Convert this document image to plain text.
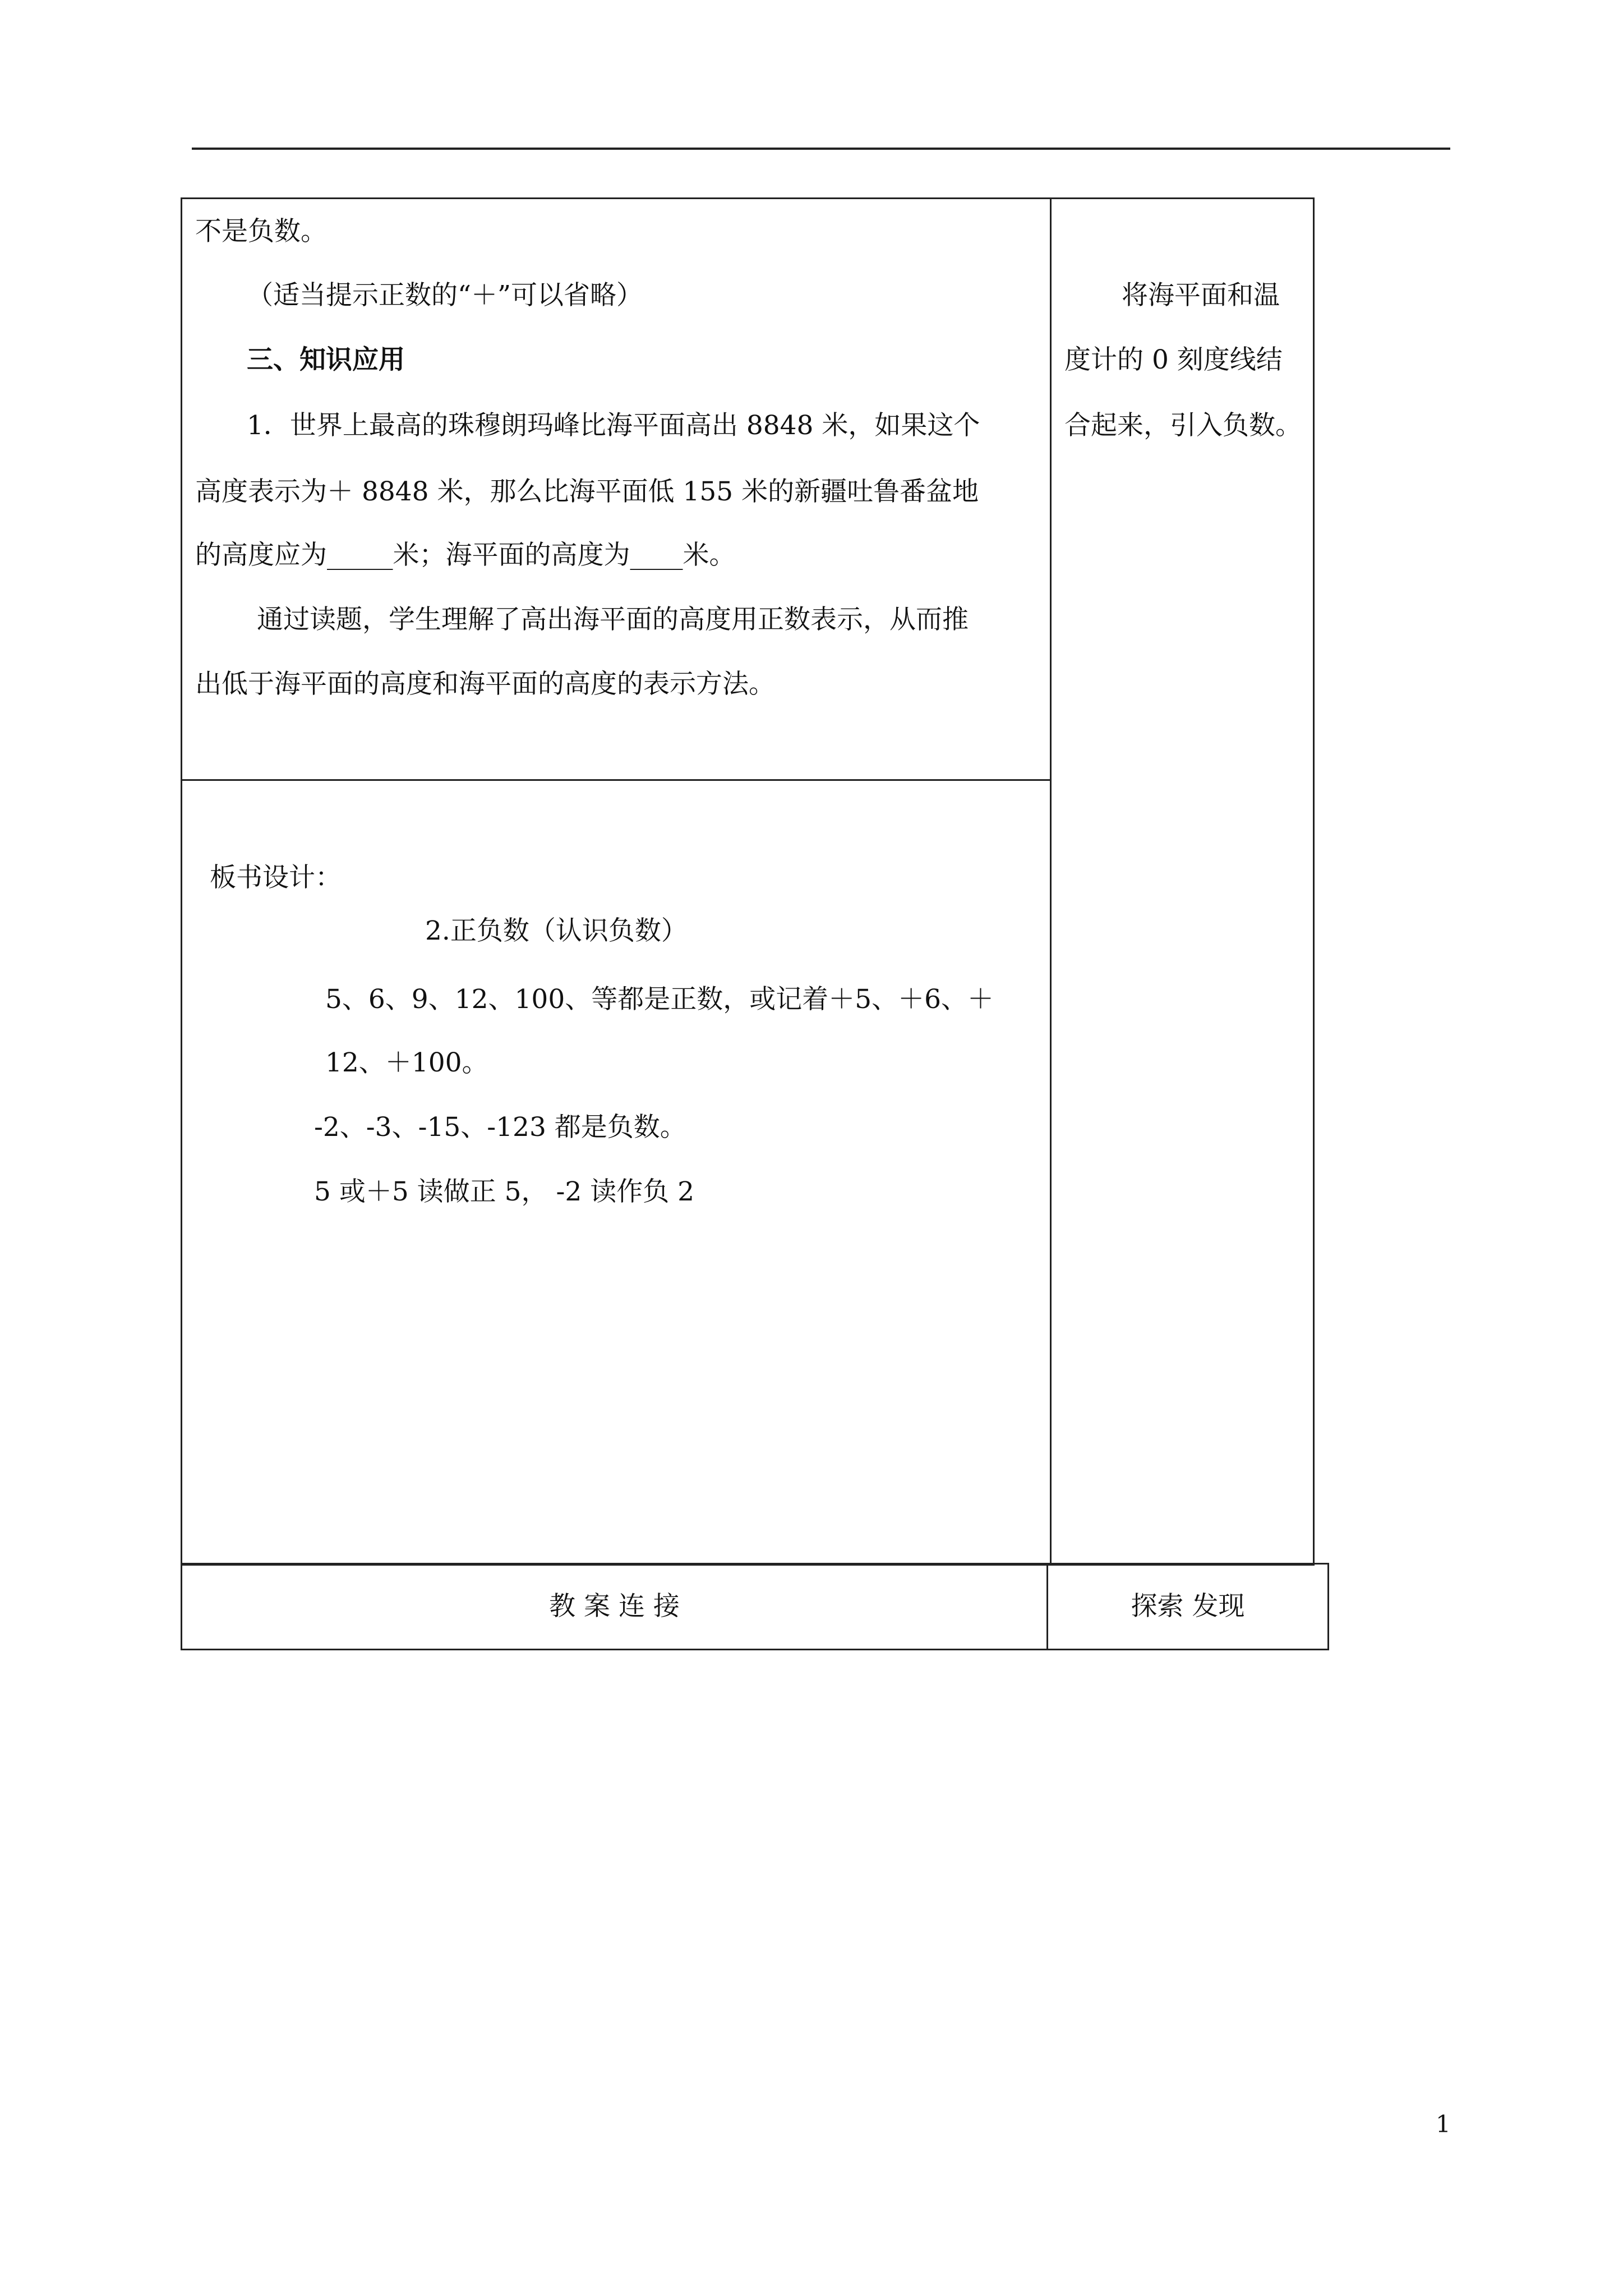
不是负数。
（适当提示正数的“＋”可以省略）
三、知识应用
1．世界上最高的珠穆朗玛峰比海平面高出 8848 米，如果这个
高度表示为＋ 8848 米，那么比海平面低 155 米的新疆吐鲁番盆地
的高度应为_____米；海平面的高度为____米。
通过读题，学生理解了高出海平面的高度用正数表示，从而推
出低于海平面的高度和海平面的高度的表示方法。
板书设计：
2.正负数（认识负数）
5、6、9、12、100、等都是正数，或记着＋5、＋6、＋
12、＋100。
-2、-3、-15、-123 都是负数。
5 或＋5 读做正 5， -2 读作负 2
将海平面和温
度计的 0 刻度线结
合起来，引入负数。
教 案 连 接	探索 发现
1
